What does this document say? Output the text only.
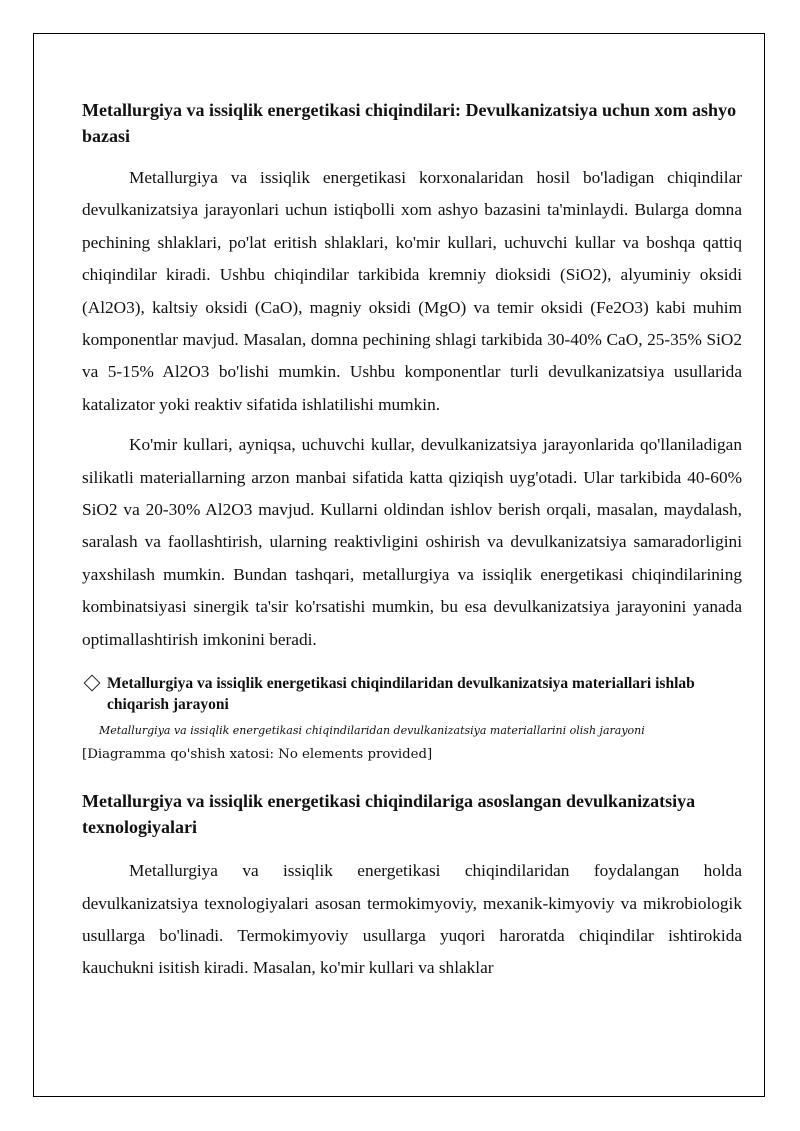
Metallurgiya va issiqlik energetikasi chiqindilari: Devulkanizatsiya uchun xom ashyo bazasi

Metallurgiya va issiqlik energetikasi korxonalaridan hosil bo'ladigan chiqindilar devulkanizatsiya jarayonlari uchun istiqbolli xom ashyo bazasini ta'minlaydi. Bularga domna pechining shlaklari, po'lat eritish shlaklari, ko'mir kullari, uchuvchi kullar va boshqa qattiq chiqindilar kiradi. Ushbu chiqindilar tarkibida kremniy dioksidi (SiO2), alyuminiy oksidi (Al2O3), kaltsiy oksidi (CaO), magniy oksidi (MgO) va temir oksidi (Fe2O3) kabi muhim komponentlar mavjud. Masalan, domna pechining shlagi tarkibida 30-40% CaO, 25-35% SiO2 va 5-15% Al2O3 bo'lishi mumkin. Ushbu komponentlar turli devulkanizatsiya usullarida katalizator yoki reaktiv sifatida ishlatilishi mumkin.

Ko'mir kullari, ayniqsa, uchuvchi kullar, devulkanizatsiya jarayonlarida qo'llaniladigan silikatli materiallarning arzon manbai sifatida katta qiziqish uyg'otadi. Ular tarkibida 40-60% SiO2 va 20-30% Al2O3 mavjud. Kullarni oldindan ishlov berish orqali, masalan, maydalash, saralash va faollashtirish, ularning reaktivligini oshirish va devulkanizatsiya samaradorligini yaxshilash mumkin. Bundan tashqari, metallurgiya va issiqlik energetikasi chiqindilarining kombinatsiyasi sinergik ta'sir ko'rsatishi mumkin, bu esa devulkanizatsiya jarayonini yanada optimallashtirish imkonini beradi.

Metallurgiya va issiqlik energetikasi chiqindilaridan devulkanizatsiya materiallari ishlab chiqarish jarayoni
Metallurgiya va issiqlik energetikasi chiqindilaridan devulkanizatsiya materiallarini olish jarayoni
[Diagramma qo'shish xatosi: No elements provided]
Metallurgiya va issiqlik energetikasi chiqindilariga asoslangan devulkanizatsiya texnologiyalari

Metallurgiya va issiqlik energetikasi chiqindilaridan foydalangan holda devulkanizatsiya texnologiyalari asosan termokimyoviy, mexanik-kimyoviy va mikrobiologik usullarga bo'linadi. Termokimyoviy usullarga yuqori haroratda chiqindilar ishtirokida kauchukni isitish kiradi. Masalan, ko'mir kullari va shlaklar
